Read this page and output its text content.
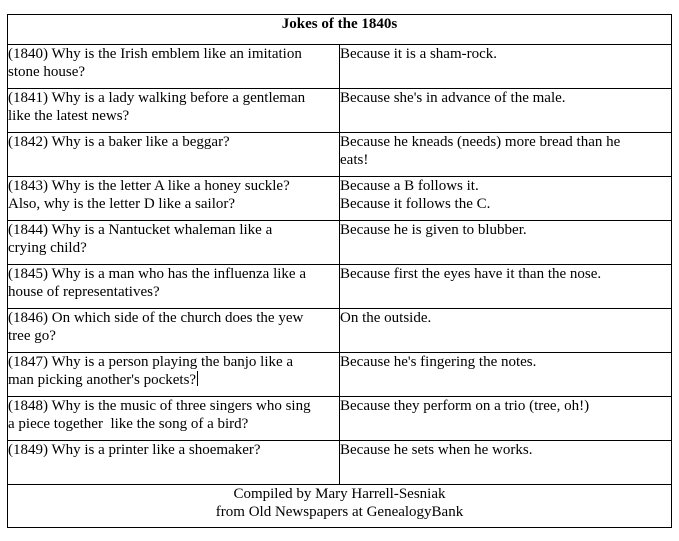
Jokes of the 1840s	

(1840) Why is the Irish emblem like an imitation
stone house?	Because it is a sham-rock.

(1841) Why is a lady walking before a gentleman
like the latest news?	Because she's in advance of the male.

(1842) Why is a baker like a beggar?	Because he kneads (needs) more bread than he
eats!

(1843) Why is the letter A like a honey suckle?
Also, why is the letter D like a sailor?	Because a B follows it.
Because it follows the C.

(1844) Why is a Nantucket whaleman like a
crying child?	Because he is given to blubber.

(1845) Why is a man who has the influenza like a
house of representatives?	Because first the eyes have it than the nose.

(1846) On which side of the church does the yew
tree go?	On the outside.

(1847) Why is a person playing the banjo like a
man picking another's pockets?	Because he's fingering the notes.

(1848) Why is the music of three singers who sing
a piece together  like the song of a bird?	Because they perform on a trio (tree, oh!)

(1849) Why is a printer like a shoemaker?	Because he sets when he works.

Compiled by Mary Harrell-Sesniak
from Old Newspapers at GenealogyBank	
